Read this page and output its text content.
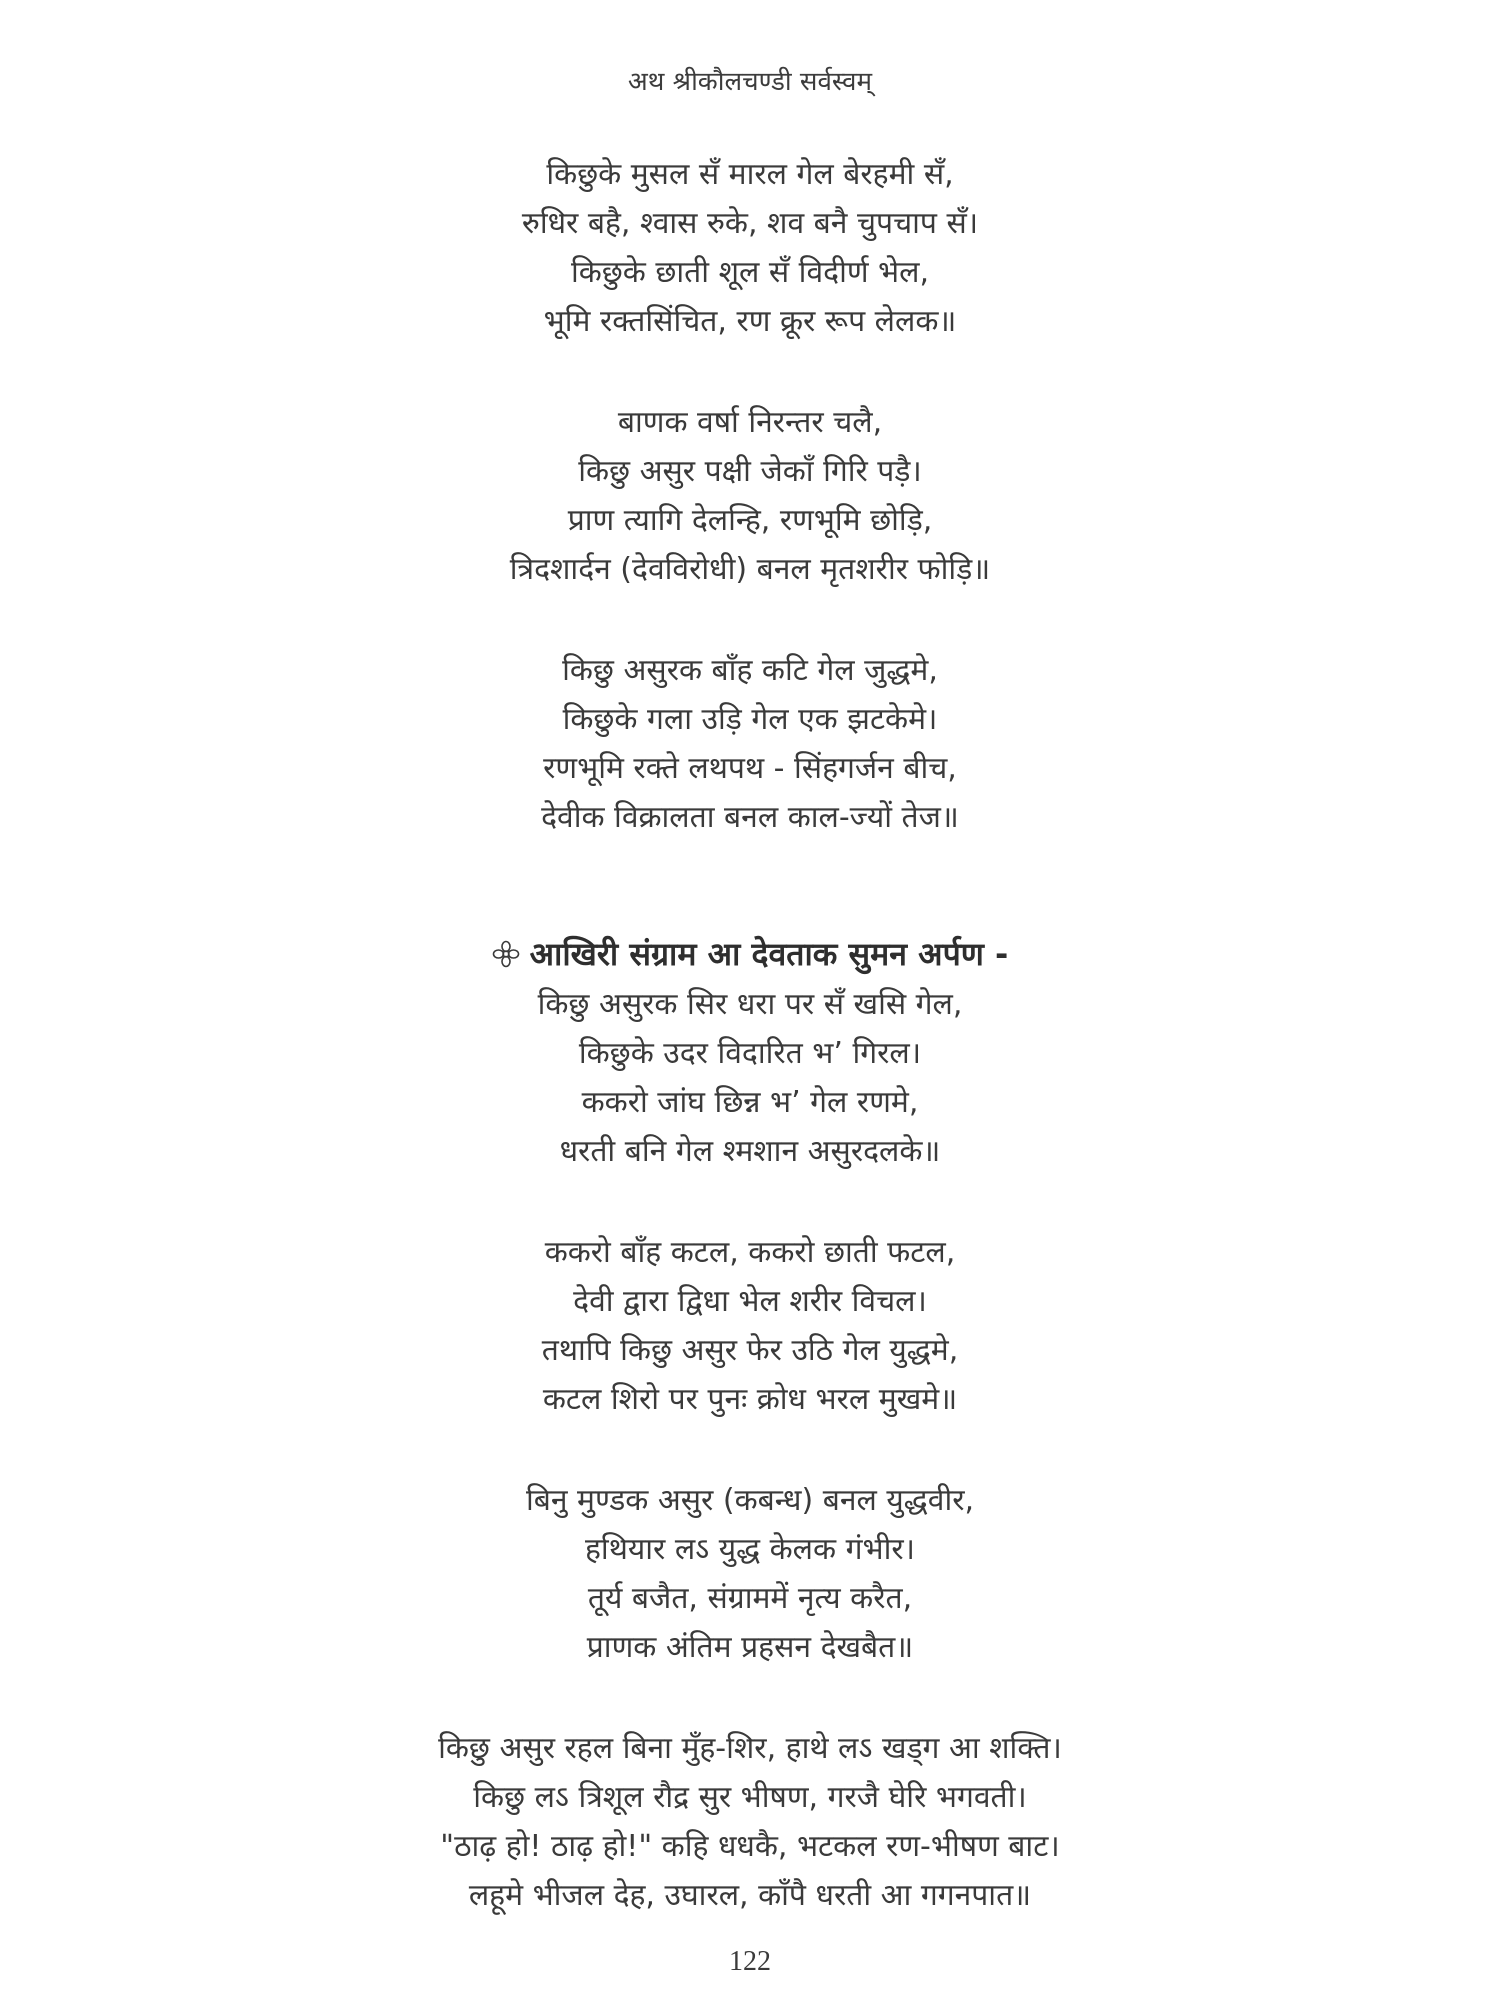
अथ श्रीकौलचण्डी सर्वस्वम्
किछुके मुसल सँ मारल गेल बेरहमी सँ,
रुधिर बहै, श्वास रुके, शव बनै चुपचाप सँ।
किछुके छाती शूल सँ विदीर्ण भेल,
भूमि रक्तसिंचित, रण क्रूर रूप लेलक॥
बाणक वर्षा निरन्तर चलै,
किछु असुर पक्षी जेकाँ गिरि पड़ै।
प्राण त्यागि देलन्हि, रणभूमि छोड़ि,
त्रिदशार्दन (देवविरोधी) बनल मृतशरीर फोड़ि॥
किछु असुरक बाँह कटि गेल जुद्धमे,
किछुके गला उड़ि गेल एक झटकेमे।
रणभूमि रक्ते लथपथ - सिंहगर्जन बीच,
देवीक विक्रालता बनल काल-ज्यों तेज॥
आखिरी संग्राम आ देवताक सुमन अर्पण -
किछु असुरक सिर धरा पर सँ खसि गेल,
किछुके उदर विदारित भ’ गिरल।
ककरो जांघ छिन्न भ’ गेल रणमे,
धरती बनि गेल श्मशान असुरदलके॥
ककरो बाँह कटल, ककरो छाती फटल,
देवी द्वारा द्विधा भेल शरीर विचल।
तथापि किछु असुर फेर उठि गेल युद्धमे,
कटल शिरो पर पुनः क्रोध भरल मुखमे॥
बिनु मुण्डक असुर (कबन्ध) बनल युद्धवीर,
हथियार लऽ युद्ध केलक गंभीर।
तूर्य बजैत, संग्राममें नृत्य करैत,
प्राणक अंतिम प्रहसन देखबैत॥
किछु असुर रहल बिना मुँह-शिर, हाथे लऽ खड्ग आ शक्ति।
किछु लऽ त्रिशूल रौद्र सुर भीषण, गरजै घेरि भगवती।
"ठाढ़ हो! ठाढ़ हो!" कहि धधकै, भटकल रण-भीषण बाट।
लहूमे भीजल देह, उघारल, काँपै धरती आ गगनपात॥
122
